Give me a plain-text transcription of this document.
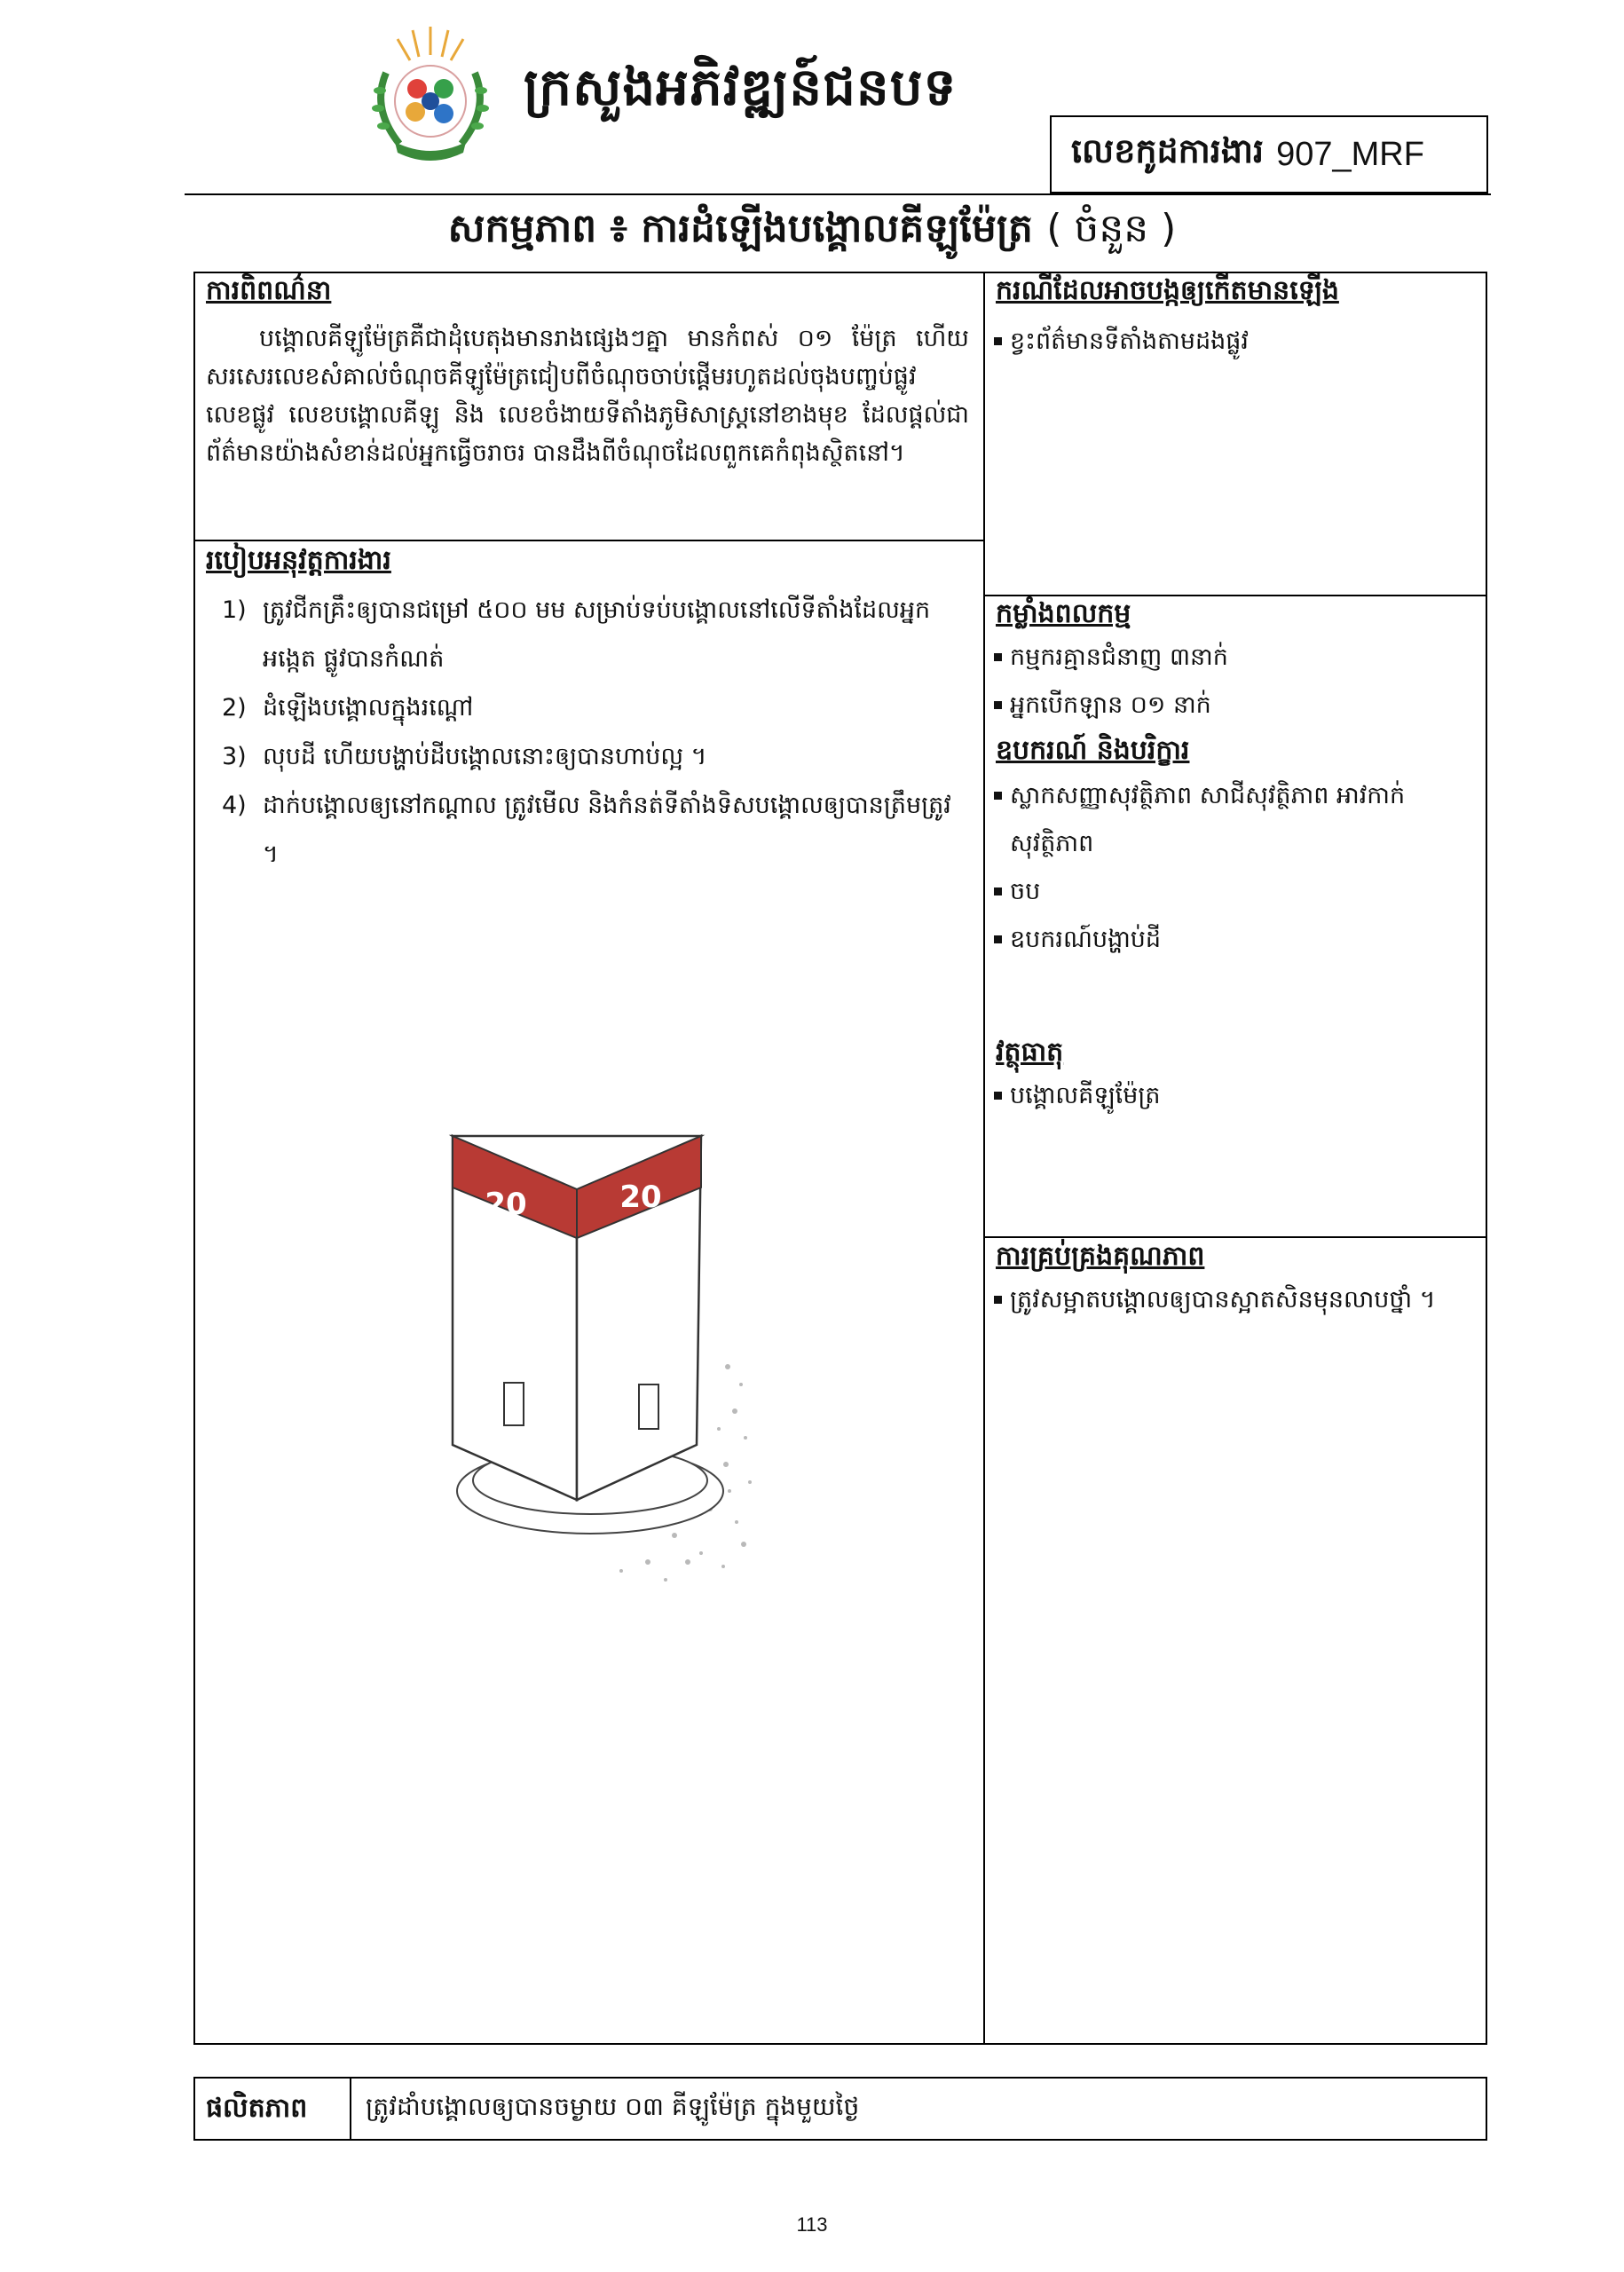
ក្រសួងអភិវឌ្ឍន៍ជនបទ
លេខកូដការងារ 907_MRF
សកម្មភាព ៖ ការដំឡើងបង្គោលគីឡូម៉ែត្រ ( ចំនួន )
ការពិពណ៌នា
បង្គោលគីឡូម៉ែត្រគឺជាដុំបេតុងមានរាងផ្សេងៗគ្នា មានកំពស់ ០១ ម៉ែត្រ ហើយសរសេរលេខសំគាល់ចំណុចគីឡូម៉ែត្រជៀបពីចំណុចចាប់ផ្តើមរហូតដល់ចុងបញ្ចប់ផ្លូវ លេខផ្លូវ លេខបង្គោលគីឡូ និង លេខចំងាយទីតាំងភូមិសាស្ត្រនៅខាងមុខ ដែលផ្តល់ជាព័ត៌មានយ៉ាងសំខាន់ដល់អ្នកធ្វើចរាចរ បានដឹងពីចំណុចដែលពួកគេកំពុងស្ថិតនៅ។
របៀបអនុវត្តការងារ
1) ត្រូវជីកគ្រឹះឲ្យបានជម្រៅ ៥០០ មម សម្រាប់ទប់បង្គោលនៅលើទីតាំងដែលអ្នកអង្កេត ផ្លូវបានកំណត់
2) ដំឡើងបង្គោលក្នុងរណ្តៅ
3) លុបដី ហើយបង្ហាប់ដីបង្គោលនោះឲ្យបានហាប់ល្អ ។
4) ដាក់បង្គោលឲ្យនៅកណ្តាល ត្រូវមើល និងកំនត់ទីតាំងទិសបង្គោលឲ្យបានត្រឹមត្រូវ ។
20	20
ករណីដែលអាចបង្កឲ្យកើតមានឡើង
ខ្វះព័ត៌មានទីតាំងតាមដងផ្លូវ
កម្លាំងពលកម្ម
កម្មករគ្មានជំនាញ ៣នាក់
អ្នកបើកឡាន ០១ នាក់
ឧបករណ៍ និងបរិក្ខារ
ស្លាកសញ្ញាសុវត្ថិភាព សាជីសុវត្ថិភាព អាវកាក់សុវត្ថិភាព
ចប
ឧបករណ៍បង្ហាប់ដី
វត្ថុធាតុ
បង្គោលគីឡូម៉ែត្រ
ការគ្រប់គ្រងគុណភាព
ត្រូវសម្អាតបង្គោលឲ្យបានស្អាតសិនមុនលាបថ្នាំ ។
ផលិតភាព ត្រូវដាំបង្គោលឲ្យបានចម្ងាយ ០៣ គីឡូម៉ែត្រ ក្នុងមួយថ្ងៃ
113
